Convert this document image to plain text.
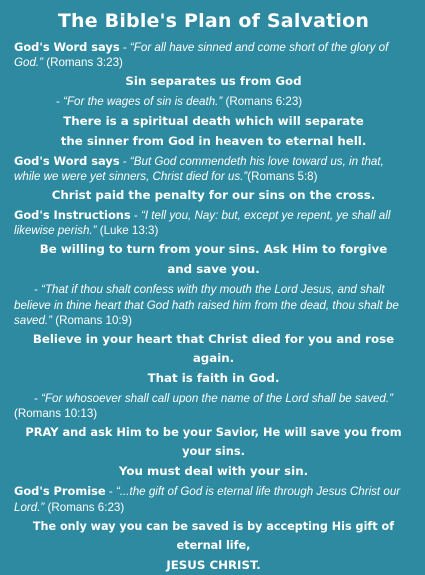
The Bible's Plan of Salvation
God's Word says - “For all have sinned and come short of the glory of God.” (Romans 3:23)
Sin separates us from God
- “For the wages of sin is death.” (Romans 6:23)
There is a spiritual death which will separate
the sinner from God in heaven to eternal hell.
God's Word says - “But God commendeth his love toward us, in that, while we were yet sinners, Christ died for us.”(Romans 5:8)
Christ paid the penalty for our sins on the cross.
God's Instructions - “I tell you, Nay: but, except ye repent, ye shall all likewise perish.” (Luke 13:3)
Be willing to turn from your sins. Ask Him to forgive
and save you.
- “That if thou shalt confess with thy mouth the Lord Jesus, and shalt believe in thine heart that God hath raised him from the dead, thou shalt be saved.” (Romans 10:9)
Believe in your heart that Christ died for you and rose again.
That is faith in God.
- “For whosoever shall call upon the name of the Lord shall be saved.” (Romans 10:13)
PRAY and ask Him to be your Savior, He will save you from your sins.
You must deal with your sin.
God's Promise - “...the gift of God is eternal life through Jesus Christ our Lord.” (Romans 6:23)
The only way you can be saved is by accepting His gift of eternal life,
JESUS CHRIST.
